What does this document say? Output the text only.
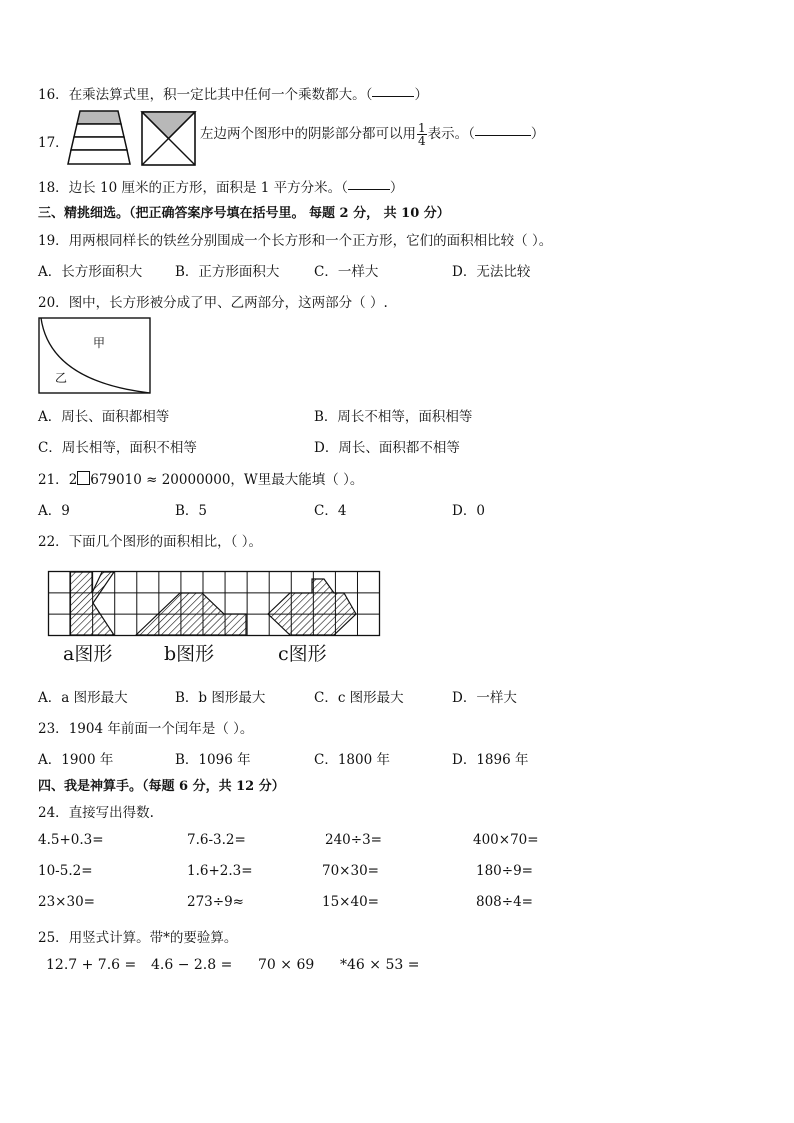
16．在乘法算式里，积一定比其中任何一个乘数都大。（	）
17．
左边两个图形中的阴影部分都可以用 $\frac{1}{4}$ 表示。（	）
18．边长 10 厘米的正方形，面积是 1 平方分米。（	）
三、精挑细选。（把正确答案序号填在括号里。 每题 2 分， 共 10 分）
19．用两根同样长的铁丝分别围成一个长方形和一个正方形，它们的面积相比较（ ）。
A．长方形面积大 B．正方形面积大	C．一样大	D．无法比较
20．图中，长方形被分成了甲、乙两部分，这两部分（ ）.
甲
乙
A．周长、面积都相等	B．周长不相等，面积相等
C．周长相等，面积不相等	D．周长、面积都不相等
21．2 679010 ≈ 20000000，W里最大能填（ ）。
A．9	B．5	C．4	D．0
22．下面几个图形的面积相比，（ ）。
a图形	b图形	c图形
A．a 图形最大	B．b 图形最大	C．c 图形最大	D．一样大
23．1904 年前面一个闰年是（ ）。
A．1900 年	B．1096 年	C．1800 年	D．1896 年
四、我是神算手。（每题 6 分，共 12 分）
24．直接写出得数.
4.5+0.3=	7.6-3.2=	240÷3=	400×70=
10-5.2=	1.6+2.3=	70×30=	180÷9=
23×30=	273÷9≈	15×40=	808÷4=
25．用竖式计算。带*的要验算。
12.7 + 7.6 = 4.6 − 2.8 = 70 × 69 *46 × 53 =
